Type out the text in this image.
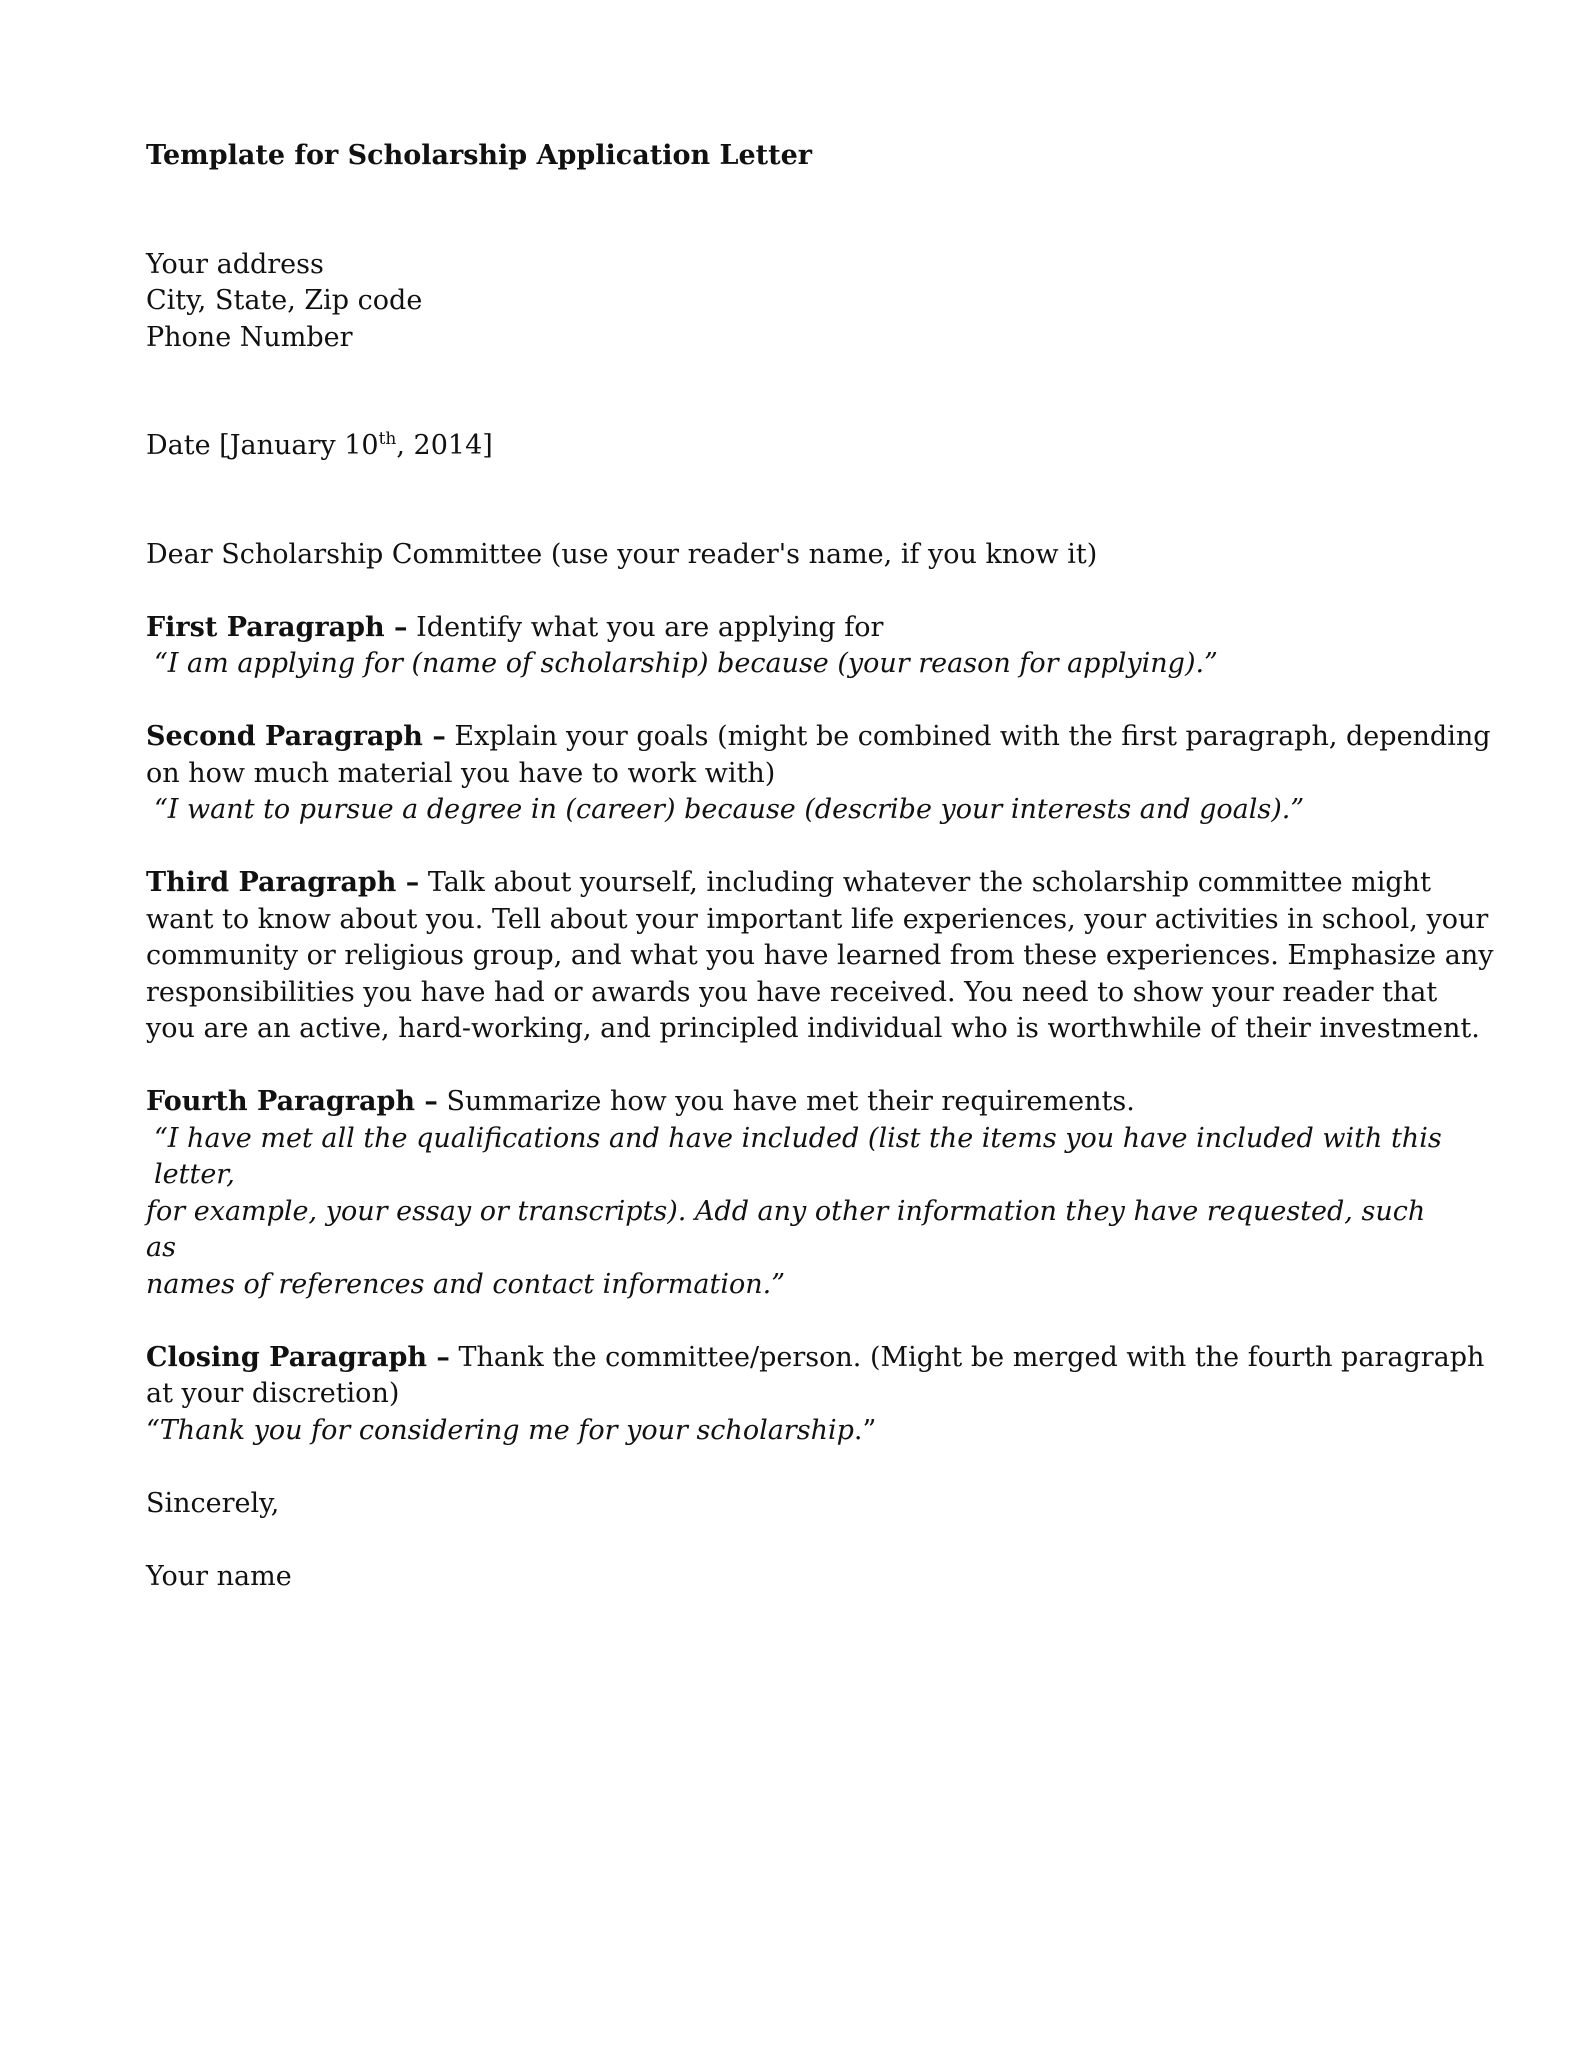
Template for Scholarship Application Letter

Your address
City, State, Zip code
Phone Number
Date [January 10th, 2014]
Dear Scholarship Committee (use your reader's name, if you know it)
First Paragraph – Identify what you are applying for
“I am applying for (name of scholarship) because (your reason for applying).”
Second Paragraph – Explain your goals (might be combined with the first paragraph, depending
on how much material you have to work with)
“I want to pursue a degree in (career) because (describe your interests and goals).”
Third Paragraph – Talk about yourself, including whatever the scholarship committee might
want to know about you. Tell about your important life experiences, your activities in school, your
community or religious group, and what you have learned from these experiences. Emphasize any
responsibilities you have had or awards you have received. You need to show your reader that
you are an active, hard-working, and principled individual who is worthwhile of their investment.
Fourth Paragraph – Summarize how you have met their requirements.
“I have met all the qualifications and have included (list the items you have included with this letter,
for example, your essay or transcripts). Add any other information they have requested, such as
names of references and contact information.”
Closing Paragraph – Thank the committee/person. (Might be merged with the fourth paragraph
at your discretion)
“Thank you for considering me for your scholarship.”
Sincerely,
Your name
